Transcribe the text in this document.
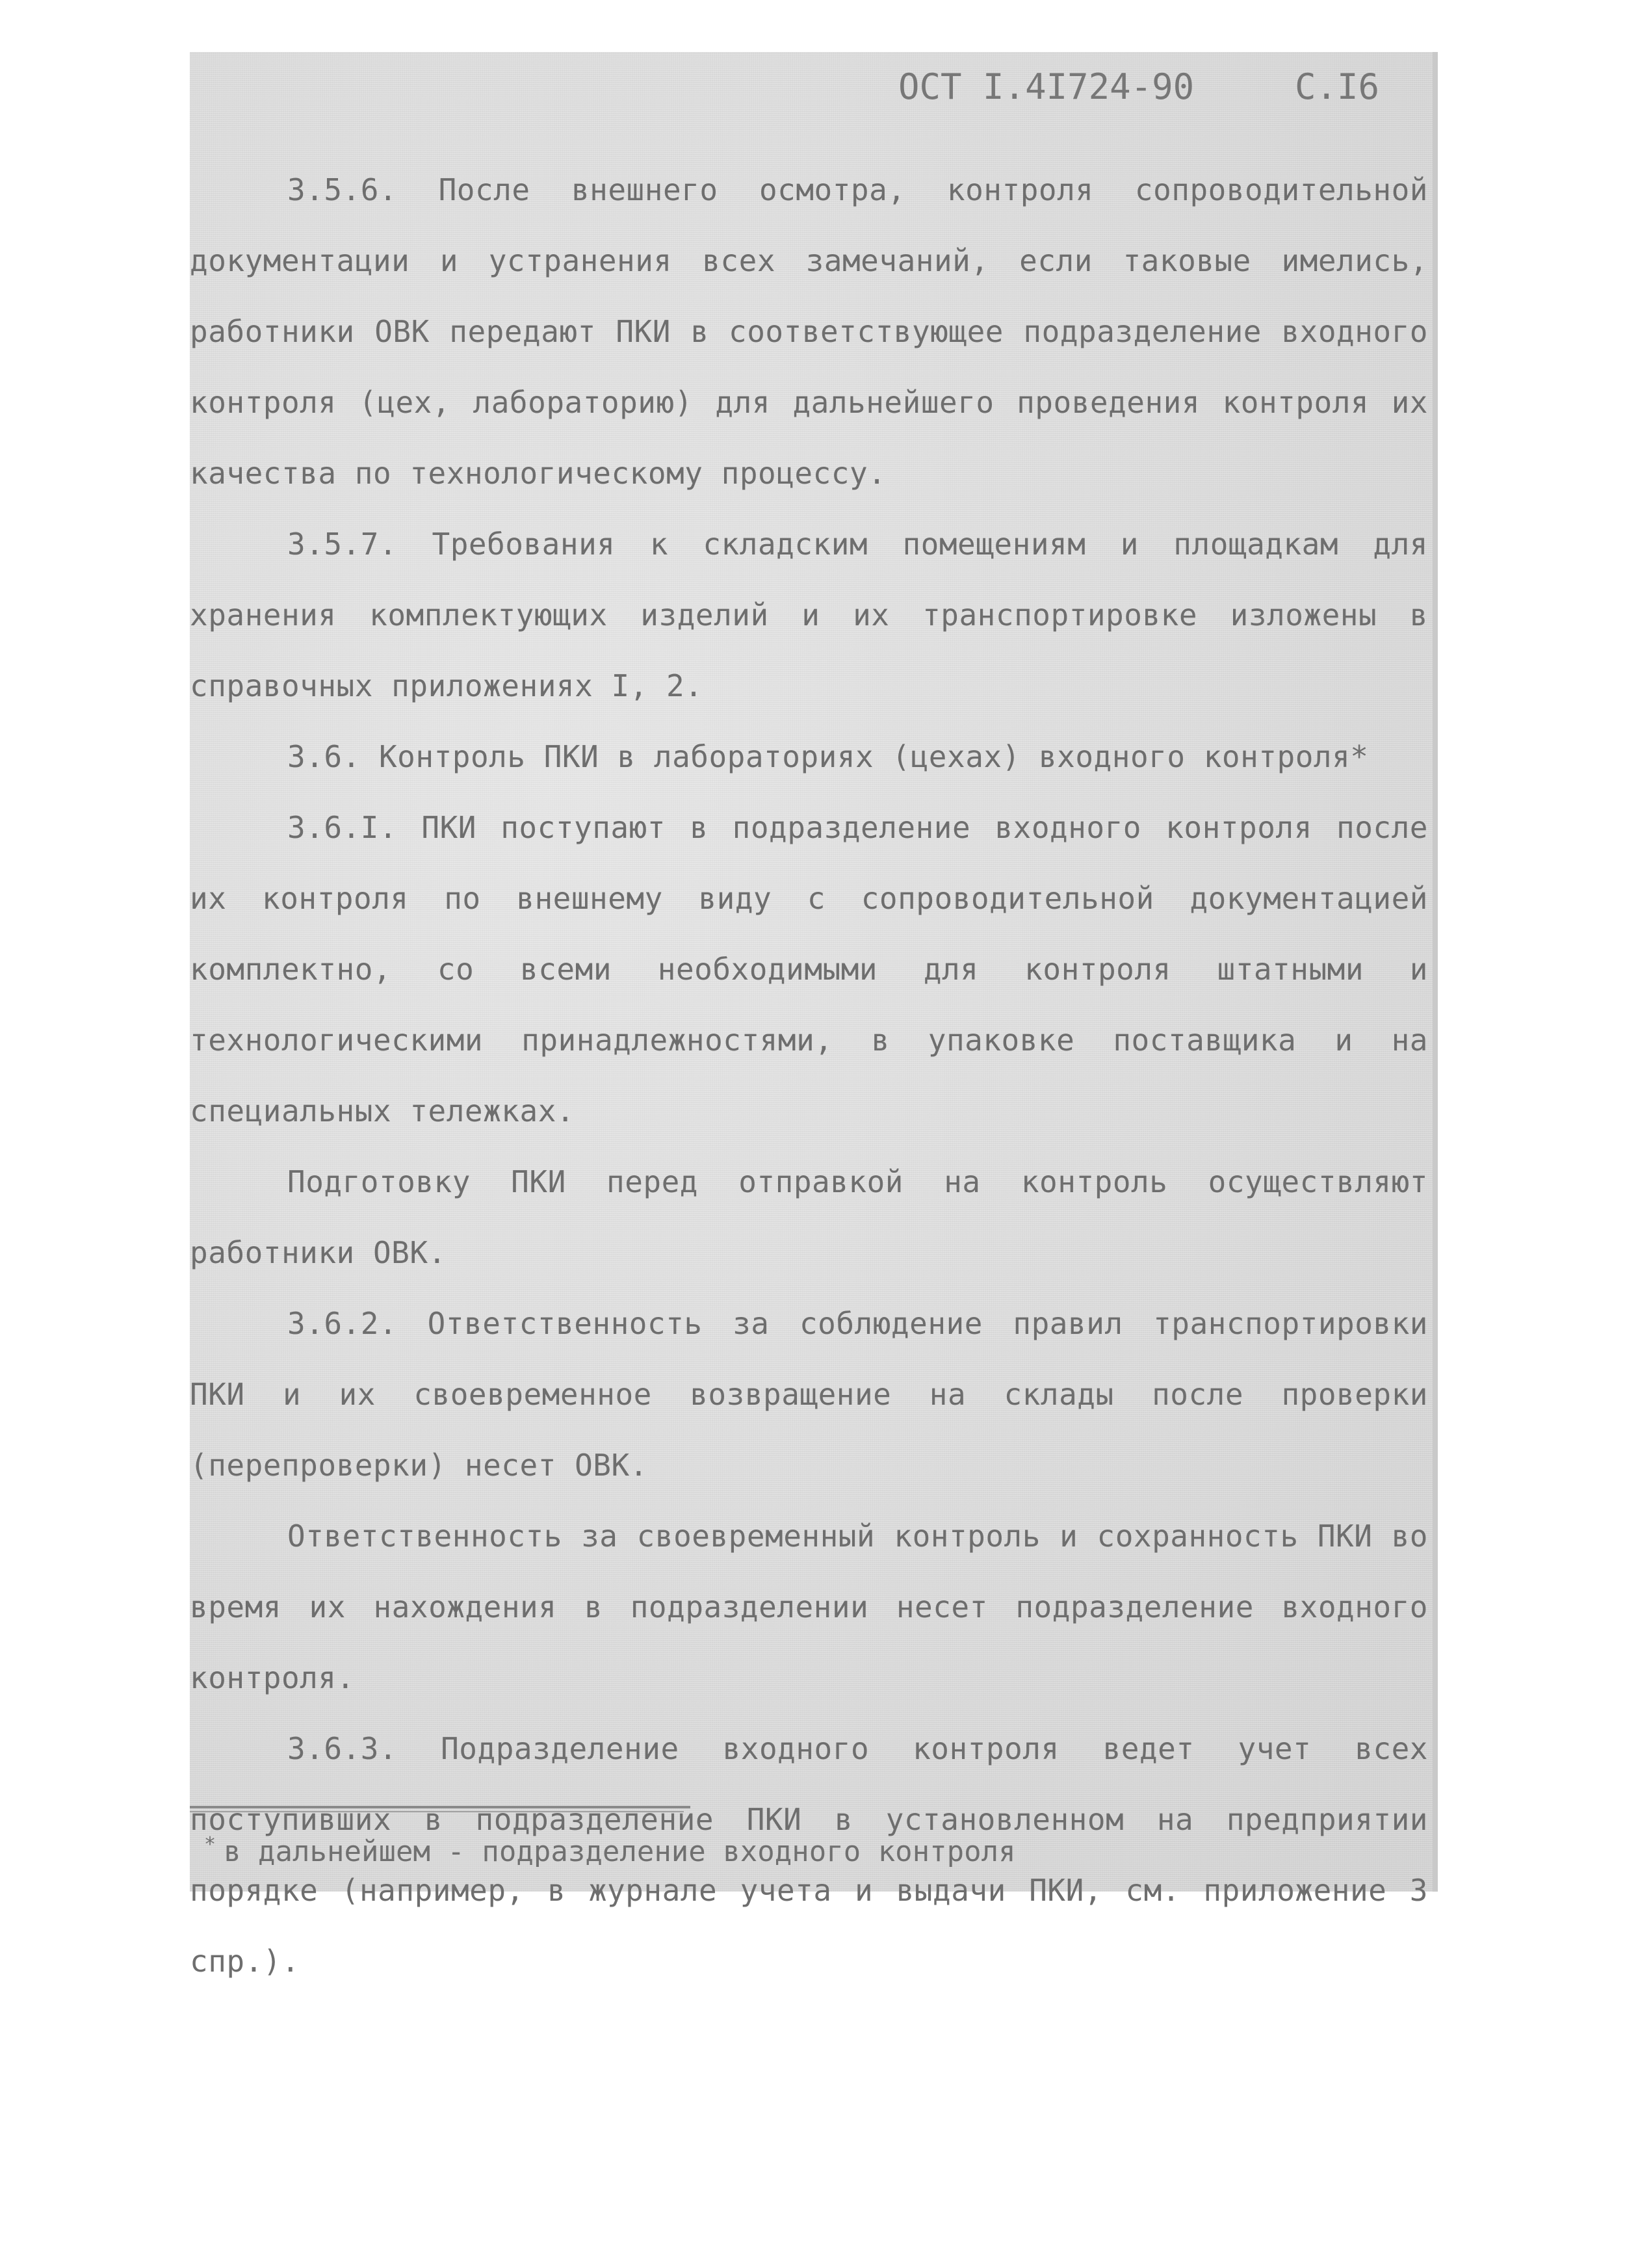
ОСТ I.4I724-90	С.I6

3.5.6. После внешнего осмотра, контроля сопроводительной документации и устранения всех замечаний, если таковые имелись, работники ОВК передают ПКИ в соответствующее подразделение входного контроля (цех, лабораторию) для дальнейшего проведения контроля их качества по технологическому процессу.

3.5.7. Требования к складским помещениям и площадкам для хранения комплектующих изделий и их транспортировке изложены в справочных приложениях I, 2.

3.6. Контроль ПКИ в лабораториях (цехах) входного контроля*

3.6.I. ПКИ поступают в подразделение входного контроля после их контроля по внешнему виду с сопроводительной документацией комплектно, со всеми необходимыми для контроля штатными и технологическими принадлежностями, в упаковке поставщика и на специальных тележках.

Подготовку ПКИ перед отправкой на контроль осуществляют работники ОВК.

3.6.2. Ответственность за соблюдение правил транспортировки ПКИ и их своевременное возвращение на склады после проверки (перепроверки) несет ОВК.

Ответственность за своевременный контроль и сохранность ПКИ во время их нахождения в подразделении несет подразделение входного контроля.

3.6.3. Подразделение входного контроля ведет учет всех поступивших в подразделение ПКИ в установленном на предприятии порядке (например, в журнале учета и выдачи ПКИ, см. приложение 3 спр.).

* в дальнейшем - подразделение входного контроля
